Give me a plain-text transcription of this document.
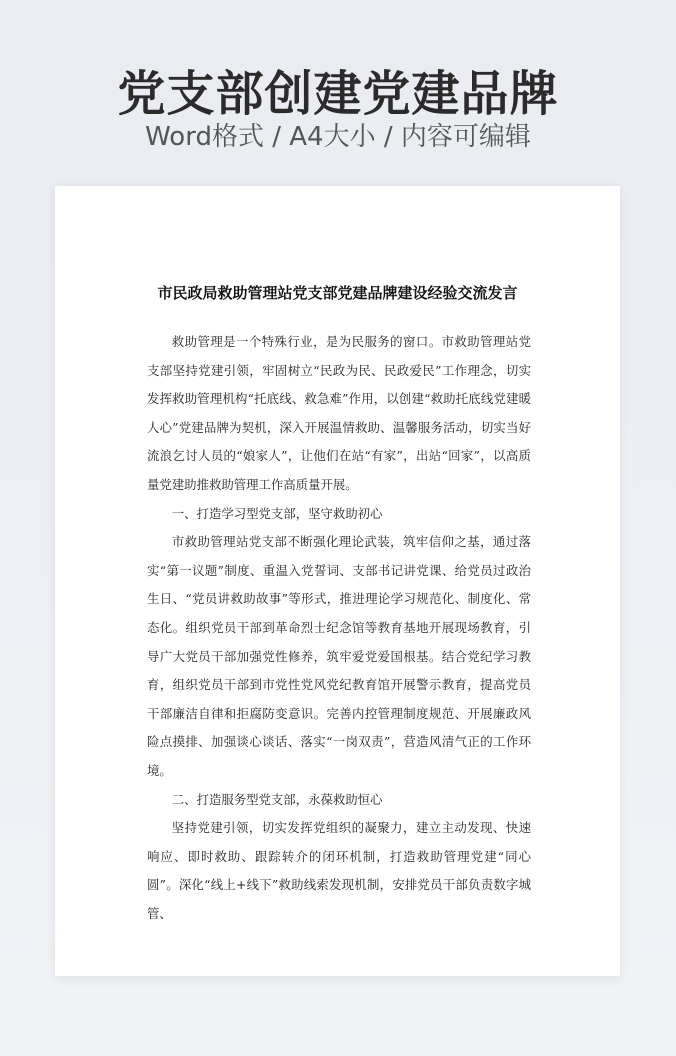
党支部创建党建品牌
Word格式 / A4大小 / 内容可编辑
市民政局救助管理站党支部党建品牌建设经验交流发言

救助管理是一个特殊行业，是为民服务的窗口。市救助管理站党支部坚持党建引领，牢固树立“民政为民、民政爱民”工作理念，切实发挥救助管理机构“托底线、救急难”作用，以创建“救助托底线党建暖人心”党建品牌为契机，深入开展温情救助、温馨服务活动，切实当好流浪乞讨人员的“娘家人”，让他们在站“有家”，出站“回家”，以高质量党建助推救助管理工作高质量开展。

一、打造学习型党支部，坚守救助初心

市救助管理站党支部不断强化理论武装，筑牢信仰之基，通过落实“第一议题”制度、重温入党誓词、支部书记讲党课、给党员过政治生日、“党员讲救助故事”等形式，推进理论学习规范化、制度化、常态化。组织党员干部到革命烈士纪念馆等教育基地开展现场教育，引导广大党员干部加强党性修养，筑牢爱党爱国根基。结合党纪学习教育，组织党员干部到市党性党风党纪教育馆开展警示教育，提高党员干部廉洁自律和拒腐防变意识。完善内控管理制度规范、开展廉政风险点摸排、加强谈心谈话、落实“一岗双责”，营造风清气正的工作环境。

二、打造服务型党支部，永葆救助恒心

坚持党建引领，切实发挥党组织的凝聚力，建立主动发现、快速响应、即时救助、跟踪转介的闭环机制，打造救助管理党建“同心圆”。深化“线上+线下”救助线索发现机制，安排党员干部负责数字城管、
